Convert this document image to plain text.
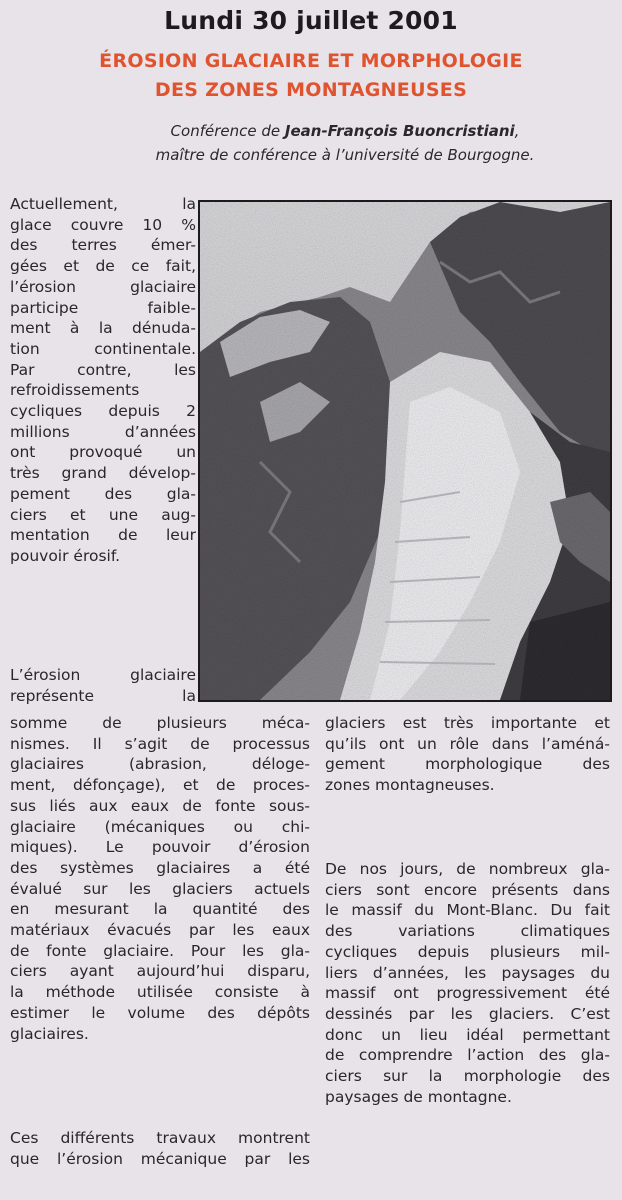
Lundi 30 juillet 2001
ÉROSION GLACIAIRE ET MORPHOLOGIE
DES ZONES MONTAGNEUSES
Conférence de Jean-François Buoncristiani,
maître de conférence à l’université de Bourgogne.
Actuellement, la
glace couvre 10 %
des terres émer-
gées et de ce fait,
l’érosion glaciaire
participe faible-
ment à la dénuda-
tion continentale.
Par contre, les
refroidissements
cycliques depuis 2
millions d’années
ont provoqué un
très grand dévelop-
pement des gla-
ciers et une aug-
mentation de leur
pouvoir érosif.
L’érosion glaciaire
représente la
somme de plusieurs méca-
nismes. Il s’agit de processus
glaciaires (abrasion, déloge-
ment, défonçage), et de proces-
sus liés aux eaux de fonte sous-
glaciaire (mécaniques ou chi-
miques). Le pouvoir d’érosion
des systèmes glaciaires a été
évalué sur les glaciers actuels
en mesurant la quantité des
matériaux évacués par les eaux
de fonte glaciaire. Pour les gla-
ciers ayant aujourd’hui disparu,
la méthode utilisée consiste à
estimer le volume des dépôts
glaciaires.
Ces différents travaux montrent
que l’érosion mécanique par les
glaciers est très importante et
qu’ils ont un rôle dans l’améná-
gement morphologique des
zones montagneuses.
De nos jours, de nombreux gla-
ciers sont encore présents dans
le massif du Mont-Blanc. Du fait
des variations climatiques
cycliques depuis plusieurs mil-
liers d’années, les paysages du
massif ont progressivement été
dessinés par les glaciers. C’est
donc un lieu idéal permettant
de comprendre l’action des gla-
ciers sur la morphologie des
paysages de montagne.
